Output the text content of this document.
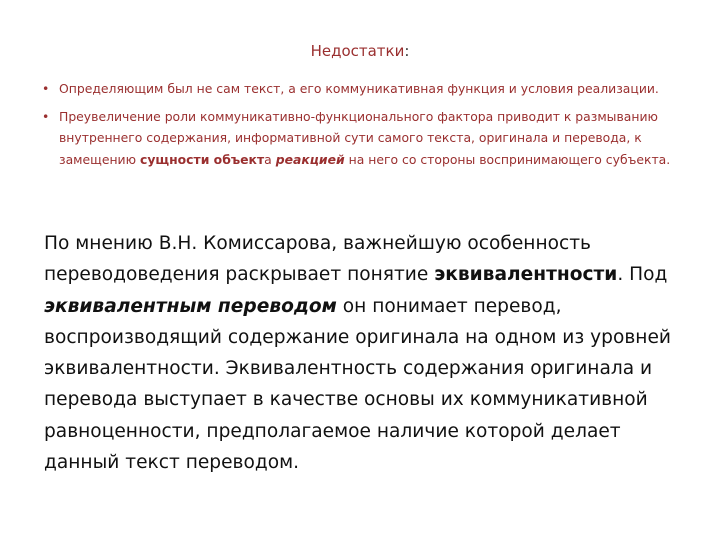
Недостатки:
• Определяющим был не сам текст, а его коммуникативная функция и условия реализации.
• Преувеличение роли коммуникативно-функционального фактора приводит к размыванию внутреннего содержания, информативной сути самого текста, оригинала и перевода, к замещению сущности объекта реакцией на него со стороны воспринимающего субъекта.

По мнению В.Н. Комиссарова, важнейшую особенность переводоведения раскрывает понятие эквивалентности. Под эквивалентным переводом он понимает перевод, воспроизводящий содержание оригинала на одном из уровней эквивалентности. Эквивалентность содержания оригинала и перевода выступает в качестве основы их коммуникативной равноценности, предполагаемое наличие которой делает данный текст переводом.
